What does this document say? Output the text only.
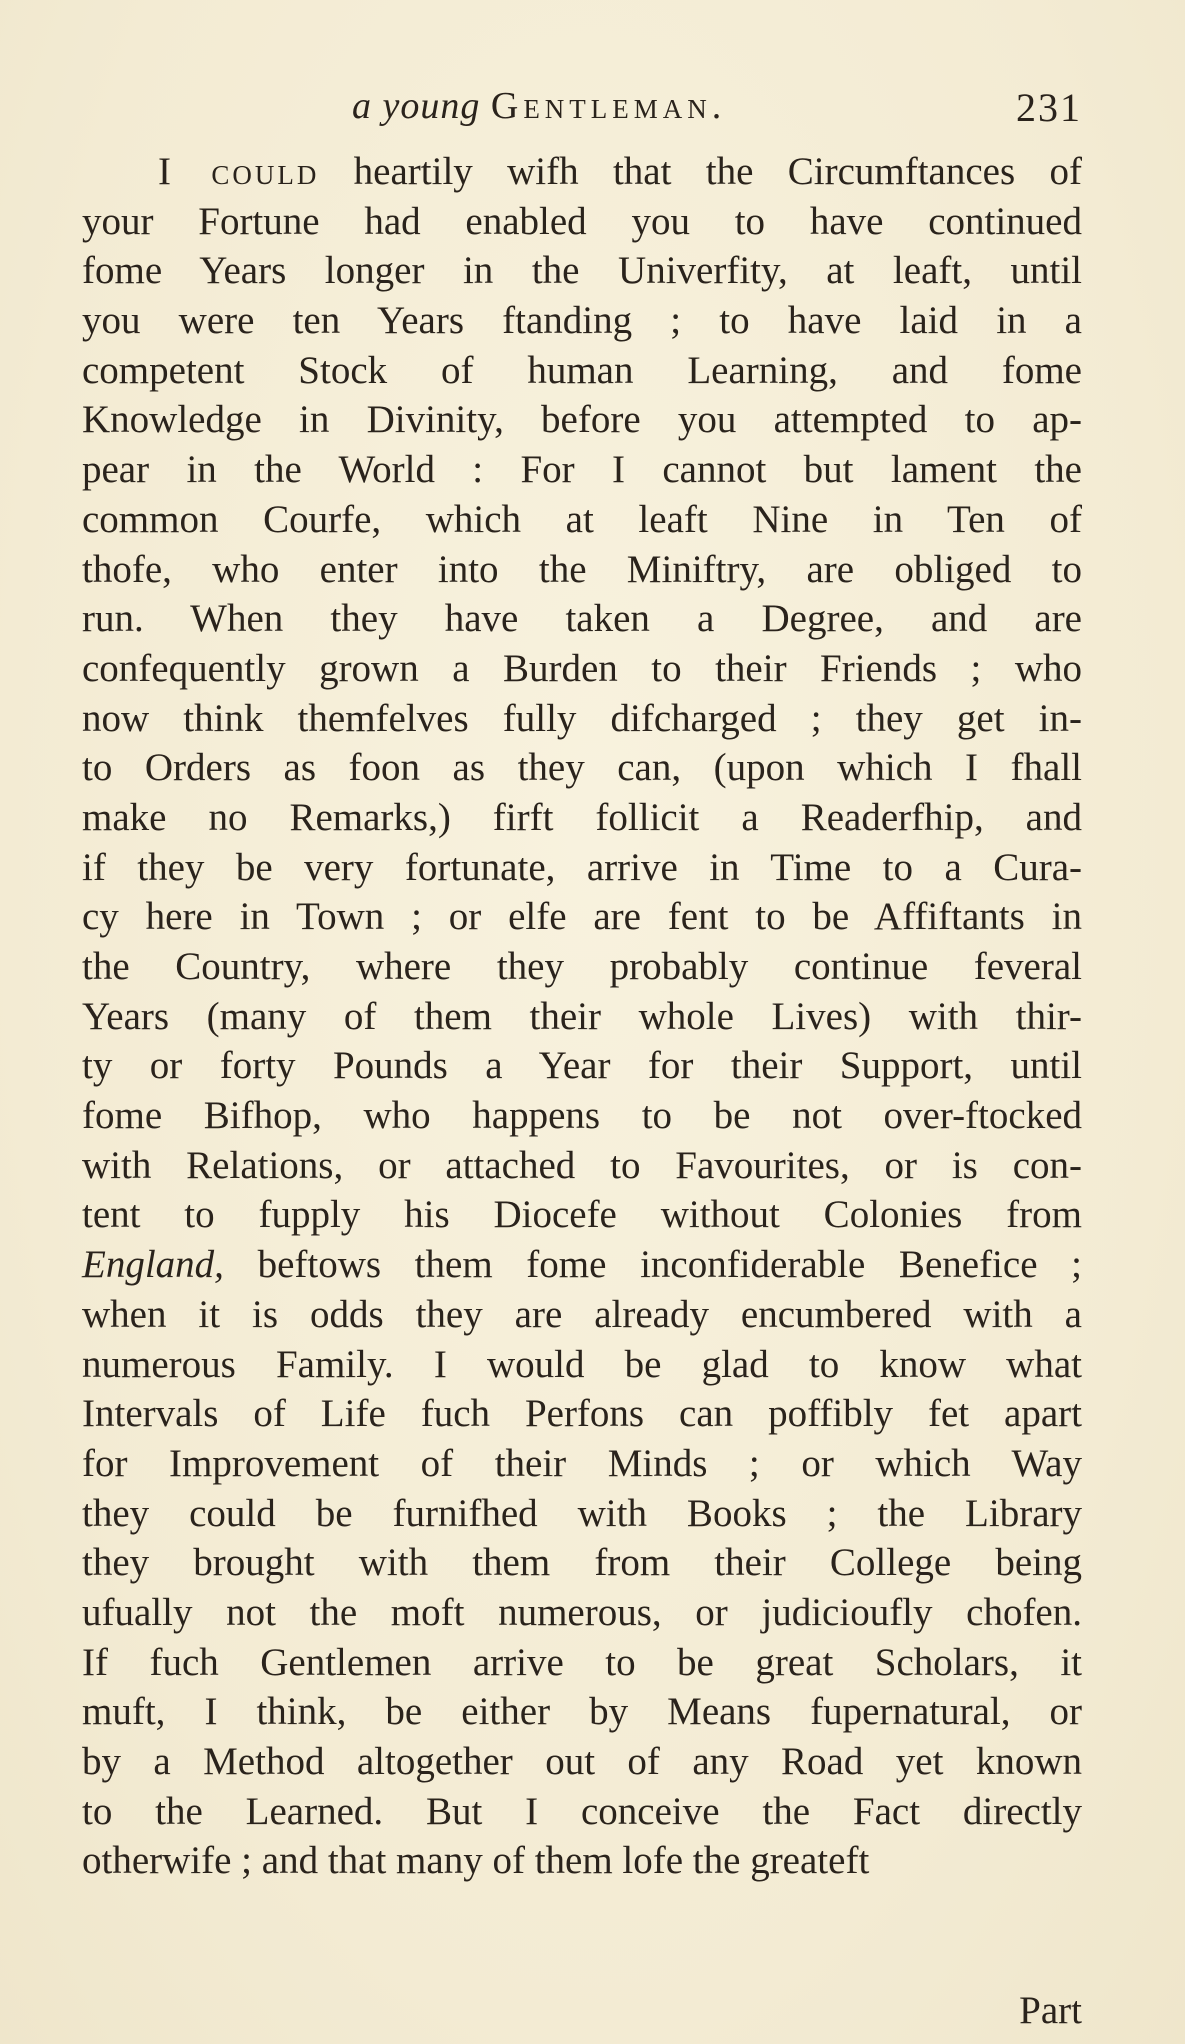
a young Gentleman.	231
I could heartily wifh that the Circumftances of
your Fortune had enabled you to have continued
fome Years longer in the Univerfity, at leaft, until
you were ten Years ftanding ; to have laid in a
competent Stock of human Learning, and fome
Knowledge in Divinity, before you attempted to ap-
pear in the World : For I cannot but lament the
common Courfe, which at leaft Nine in Ten of
thofe, who enter into the Miniftry, are obliged to
run. When they have taken a Degree, and are
confequently grown a Burden to their Friends ; who
now think themfelves fully difcharged ; they get in-
to Orders as foon as they can, (upon which I fhall
make no Remarks,) firft follicit a Readerfhip, and
if they be very fortunate, arrive in Time to a Cura-
cy here in Town ; or elfe are fent to be Affiftants in
the Country, where they probably continue feveral
Years (many of them their whole Lives) with thir-
ty or forty Pounds a Year for their Support, until
fome Bifhop, who happens to be not over-ftocked
with Relations, or attached to Favourites, or is con-
tent to fupply his Diocefe without Colonies from
England, beftows them fome inconfiderable Benefice ;
when it is odds they are already encumbered with a
numerous Family. I would be glad to know what
Intervals of Life fuch Perfons can poffibly fet apart
for Improvement of their Minds ; or which Way
they could be furnifhed with Books ; the Library
they brought with them from their College being
ufually not the moft numerous, or judicioufly chofen.
If fuch Gentlemen arrive to be great Scholars, it
muft, I think, be either by Means fupernatural, or
by a Method altogether out of any Road yet known
to the Learned. But I conceive the Fact directly
otherwife ; and that many of them lofe the greateft
Part
